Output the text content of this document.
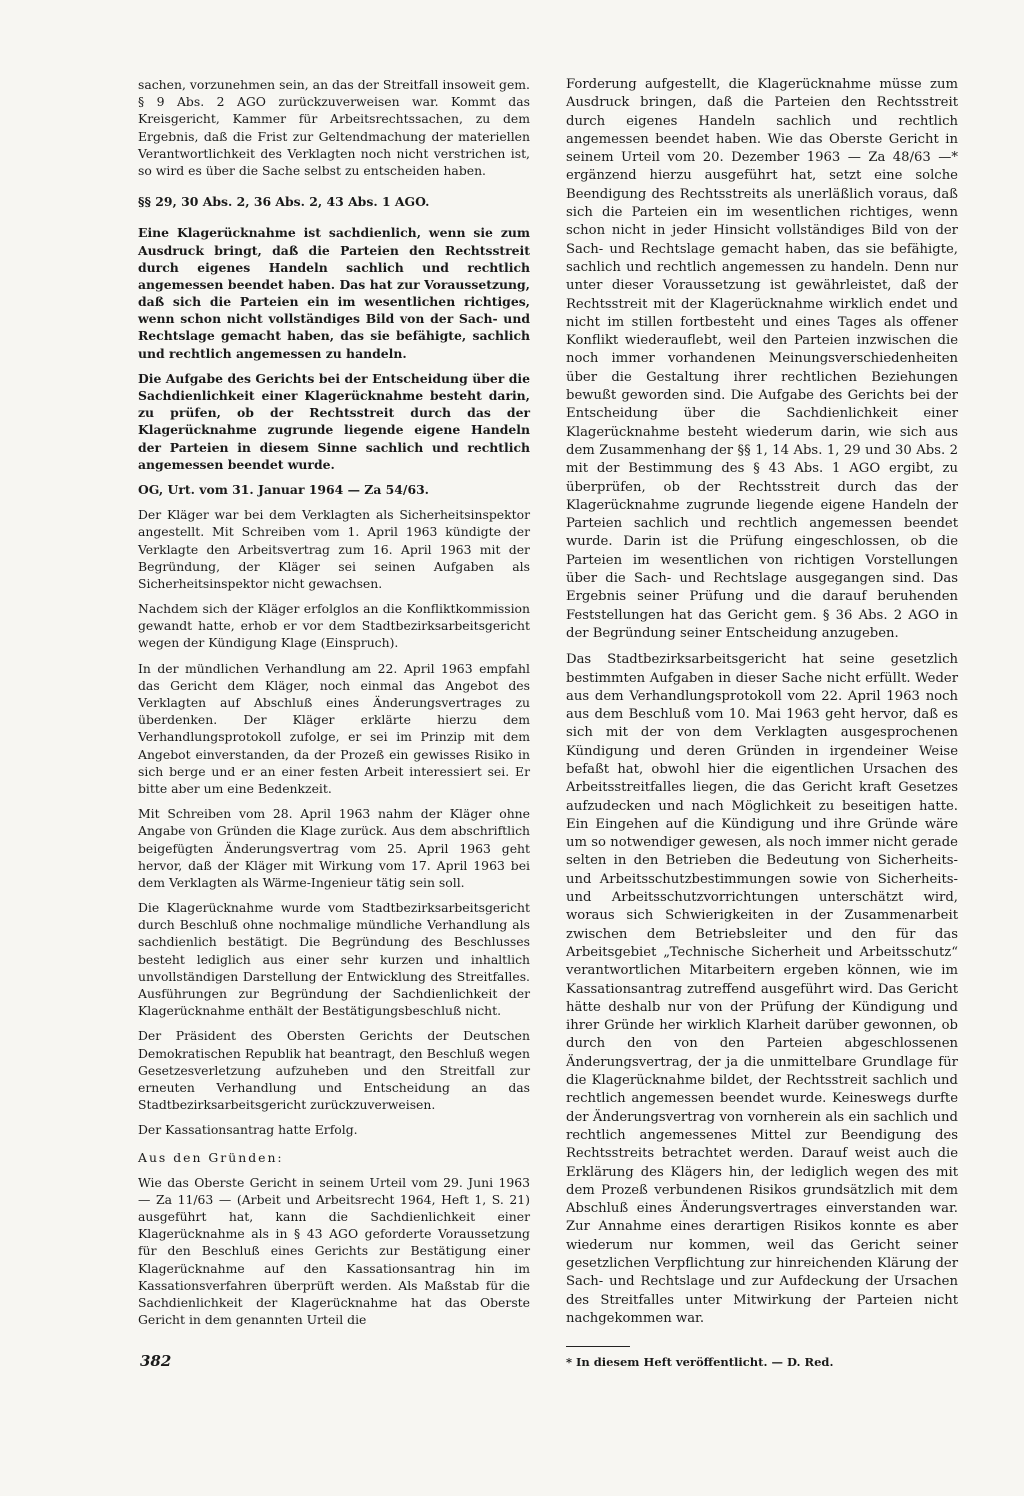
sachen, vorzunehmen sein, an das der Streitfall insoweit gem. § 9 Abs. 2 AGO zurückzuverweisen war. Kommt das Kreisgericht, Kammer für Arbeitsrechtssachen, zu dem Ergebnis, daß die Frist zur Geltendmachung der materiellen Verantwortlichkeit des Verklagten noch nicht verstrichen ist, so wird es über die Sache selbst zu entscheiden haben.

§§ 29, 30 Abs. 2, 36 Abs. 2, 43 Abs. 1 AGO.

Eine Klagerücknahme ist sachdienlich, wenn sie zum Ausdruck bringt, daß die Parteien den Rechtsstreit durch eigenes Handeln sachlich und rechtlich angemessen beendet haben. Das hat zur Voraussetzung, daß sich die Parteien ein im wesentlichen richtiges, wenn schon nicht vollständiges Bild von der Sach- und Rechtslage gemacht haben, das sie befähigte, sachlich und rechtlich angemessen zu handeln.

Die Aufgabe des Gerichts bei der Entscheidung über die Sachdienlichkeit einer Klagerücknahme besteht darin, zu prüfen, ob der Rechtsstreit durch das der Klagerücknahme zugrunde liegende eigene Handeln der Parteien in diesem Sinne sachlich und rechtlich angemessen beendet wurde.

OG, Urt. vom 31. Januar 1964 — Za 54/63.

Der Kläger war bei dem Verklagten als Sicherheitsinspektor angestellt. Mit Schreiben vom 1. April 1963 kündigte der Verklagte den Arbeitsvertrag zum 16. April 1963 mit der Begründung, der Kläger sei seinen Aufgaben als Sicherheitsinspektor nicht gewachsen.

Nachdem sich der Kläger erfolglos an die Konfliktkommission gewandt hatte, erhob er vor dem Stadtbezirksarbeitsgericht wegen der Kündigung Klage (Einspruch).

In der mündlichen Verhandlung am 22. April 1963 empfahl das Gericht dem Kläger, noch einmal das Angebot des Verklagten auf Abschluß eines Änderungsvertrages zu überdenken. Der Kläger erklärte hierzu dem Verhandlungsprotokoll zufolge, er sei im Prinzip mit dem Angebot einverstanden, da der Prozeß ein gewisses Risiko in sich berge und er an einer festen Arbeit interessiert sei. Er bitte aber um eine Bedenkzeit.

Mit Schreiben vom 28. April 1963 nahm der Kläger ohne Angabe von Gründen die Klage zurück. Aus dem abschriftlich beigefügten Änderungsvertrag vom 25. April 1963 geht hervor, daß der Kläger mit Wirkung vom 17. April 1963 bei dem Verklagten als Wärme-Ingenieur tätig sein soll.

Die Klagerücknahme wurde vom Stadtbezirksarbeitsgericht durch Beschluß ohne nochmalige mündliche Verhandlung als sachdienlich bestätigt. Die Begründung des Beschlusses besteht lediglich aus einer sehr kurzen und inhaltlich unvollständigen Darstellung der Entwicklung des Streitfalles. Ausführungen zur Begründung der Sachdienlichkeit der Klagerücknahme enthält der Bestätigungsbeschluß nicht.

Der Präsident des Obersten Gerichts der Deutschen Demokratischen Republik hat beantragt, den Beschluß wegen Gesetzesverletzung aufzuheben und den Streitfall zur erneuten Verhandlung und Entscheidung an das Stadtbezirksarbeitsgericht zurückzuverweisen.

Der Kassationsantrag hatte Erfolg.

Aus den Gründen:

Wie das Oberste Gericht in seinem Urteil vom 29. Juni 1963 — Za 11/63 — (Arbeit und Arbeitsrecht 1964, Heft 1, S. 21) ausgeführt hat, kann die Sachdienlichkeit einer Klagerücknahme als in § 43 AGO geforderte Voraussetzung für den Beschluß eines Gerichts zur Bestätigung einer Klagerücknahme auf den Kassationsantrag hin im Kassationsverfahren überprüft werden. Als Maßstab für die Sachdienlichkeit der Klagerücknahme hat das Oberste Gericht in dem genannten Urteil die

Forderung aufgestellt, die Klagerücknahme müsse zum Ausdruck bringen, daß die Parteien den Rechtsstreit durch eigenes Handeln sachlich und rechtlich angemessen beendet haben. Wie das Oberste Gericht in seinem Urteil vom 20. Dezember 1963 — Za 48/63 —* ergänzend hierzu ausgeführt hat, setzt eine solche Beendigung des Rechtsstreits als unerläßlich voraus, daß sich die Parteien ein im wesentlichen richtiges, wenn schon nicht in jeder Hinsicht vollständiges Bild von der Sach- und Rechtslage gemacht haben, das sie befähigte, sachlich und rechtlich angemessen zu handeln. Denn nur unter dieser Voraussetzung ist gewährleistet, daß der Rechtsstreit mit der Klagerücknahme wirklich endet und nicht im stillen fortbesteht und eines Tages als offener Konflikt wiederauflebt, weil den Parteien inzwischen die noch immer vorhandenen Meinungsverschiedenheiten über die Gestaltung ihrer rechtlichen Beziehungen bewußt geworden sind. Die Aufgabe des Gerichts bei der Entscheidung über die Sachdienlichkeit einer Klagerücknahme besteht wiederum darin, wie sich aus dem Zusammenhang der §§ 1, 14 Abs. 1, 29 und 30 Abs. 2 mit der Bestimmung des § 43 Abs. 1 AGO ergibt, zu überprüfen, ob der Rechtsstreit durch das der Klagerücknahme zugrunde liegende eigene Handeln der Parteien sachlich und rechtlich angemessen beendet wurde. Darin ist die Prüfung eingeschlossen, ob die Parteien im wesentlichen von richtigen Vorstellungen über die Sach- und Rechtslage ausgegangen sind. Das Ergebnis seiner Prüfung und die darauf beruhenden Feststellungen hat das Gericht gem. § 36 Abs. 2 AGO in der Begründung seiner Entscheidung anzugeben.

Das Stadtbezirksarbeitsgericht hat seine gesetzlich bestimmten Aufgaben in dieser Sache nicht erfüllt. Weder aus dem Verhandlungsprotokoll vom 22. April 1963 noch aus dem Beschluß vom 10. Mai 1963 geht hervor, daß es sich mit der von dem Verklagten ausgesprochenen Kündigung und deren Gründen in irgendeiner Weise befaßt hat, obwohl hier die eigentlichen Ursachen des Arbeitsstreitfalles liegen, die das Gericht kraft Gesetzes aufzudecken und nach Möglichkeit zu beseitigen hatte. Ein Eingehen auf die Kündigung und ihre Gründe wäre um so notwendiger gewesen, als noch immer nicht gerade selten in den Betrieben die Bedeutung von Sicherheits- und Arbeitsschutzbestimmungen sowie von Sicherheits- und Arbeitsschutzvorrichtungen unterschätzt wird, woraus sich Schwierigkeiten in der Zusammenarbeit zwischen dem Betriebsleiter und den für das Arbeitsgebiet „Technische Sicherheit und Arbeitsschutz“ verantwortlichen Mitarbeitern ergeben können, wie im Kassationsantrag zutreffend ausgeführt wird. Das Gericht hätte deshalb nur von der Prüfung der Kündigung und ihrer Gründe her wirklich Klarheit darüber gewonnen, ob durch den von den Parteien abgeschlossenen Änderungsvertrag, der ja die unmittelbare Grundlage für die Klagerücknahme bildet, der Rechtsstreit sachlich und rechtlich angemessen beendet wurde. Keineswegs durfte der Änderungsvertrag von vornherein als ein sachlich und rechtlich angemessenes Mittel zur Beendigung des Rechtsstreits betrachtet werden. Darauf weist auch die Erklärung des Klägers hin, der lediglich wegen des mit dem Prozeß verbundenen Risikos grundsätzlich mit dem Abschluß eines Änderungsvertrages einverstanden war. Zur Annahme eines derartigen Risikos konnte es aber wiederum nur kommen, weil das Gericht seiner gesetzlichen Verpflichtung zur hinreichenden Klärung der Sach- und Rechtslage und zur Aufdeckung der Ursachen des Streitfalles unter Mitwirkung der Parteien nicht nachgekommen war.

* In diesem Heft veröffentlicht. — D. Red.

382
